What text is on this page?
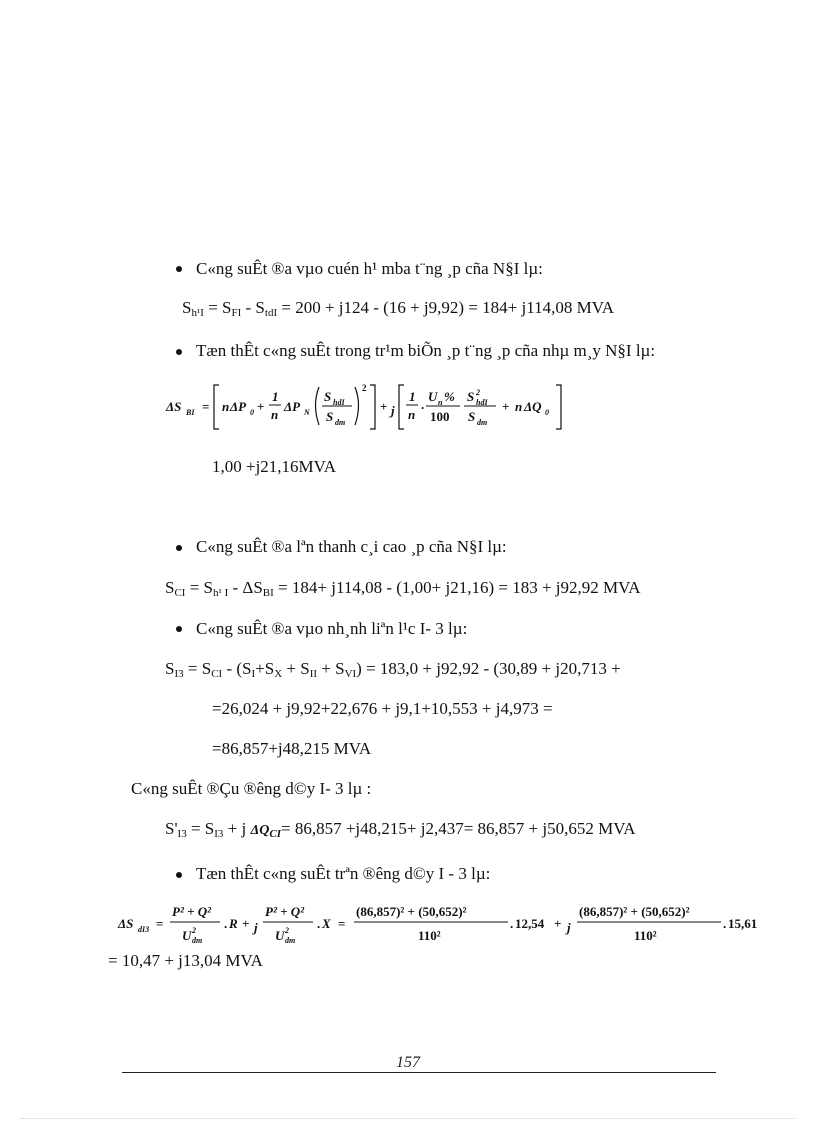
C«ng suÊt ®a vµo cuén h¹ mba t¨ng ¸p cña N§I lµ:
$S_{h^1I} = S_{FI} - S_{tdI} = 200 + j124 - (16 + j9,92) = 184+ j114,08$ MVA
Tæn thÊt c«ng suÊt trong tr¹m biÕn ¸p t¨ng ¸p cña nhµ m¸y N§I lµ:
ΔS BI = n ΔP 0 +
1
n
ΔP N
S hdI
S dm
2
+ j
1
n
.
U n %
100
S 2
hdI
S dm
+ n ΔQ 0
1,00 +j21,16MVA
C«ng suÊt ®a lªn thanh c¸i cao ¸p cña N§I lµ:
$S_{CI} = S_{h^1 I} - \Delta S_{BI} = 184+ j114,08 - (1,00+ j21,16) = 183 + j92,92$ MVA
C«ng suÊt ®a vµo nh¸nh liªn l¹c I- 3 lµ:
$S_{I3} = S_{CI} - (S_I+S_X + S_{II} + S_{VI}) = 183,0 + j92,92 - (30,89 + j20,713$ +
=26,024 + j9,92+22,676 + j9,1+10,553 + j4,973 =
=86,857+j48,215 MVA
C«ng suÊt ®Çu ®êng d©y I- 3 lµ :
$S'_{I3} = S_{I3} + j$ $\Delta Q_{CI}= 86,857 +j48,215+ j2,437= 86,857 + j50,652$ MVA
Tæn thÊt c«ng suÊt trªn ®êng d©y I - 3 lµ:
ΔS dI3 =
P² + Q²
U 2
dm
. R + j
P² + Q²
U 2
dm
. X =
(86,857)² + (50,652)²
110²
. 12,54 + j
(86,857)² + (50,652)²
110²
. 15,61
= 10,47 + j13,04 MVA
157
